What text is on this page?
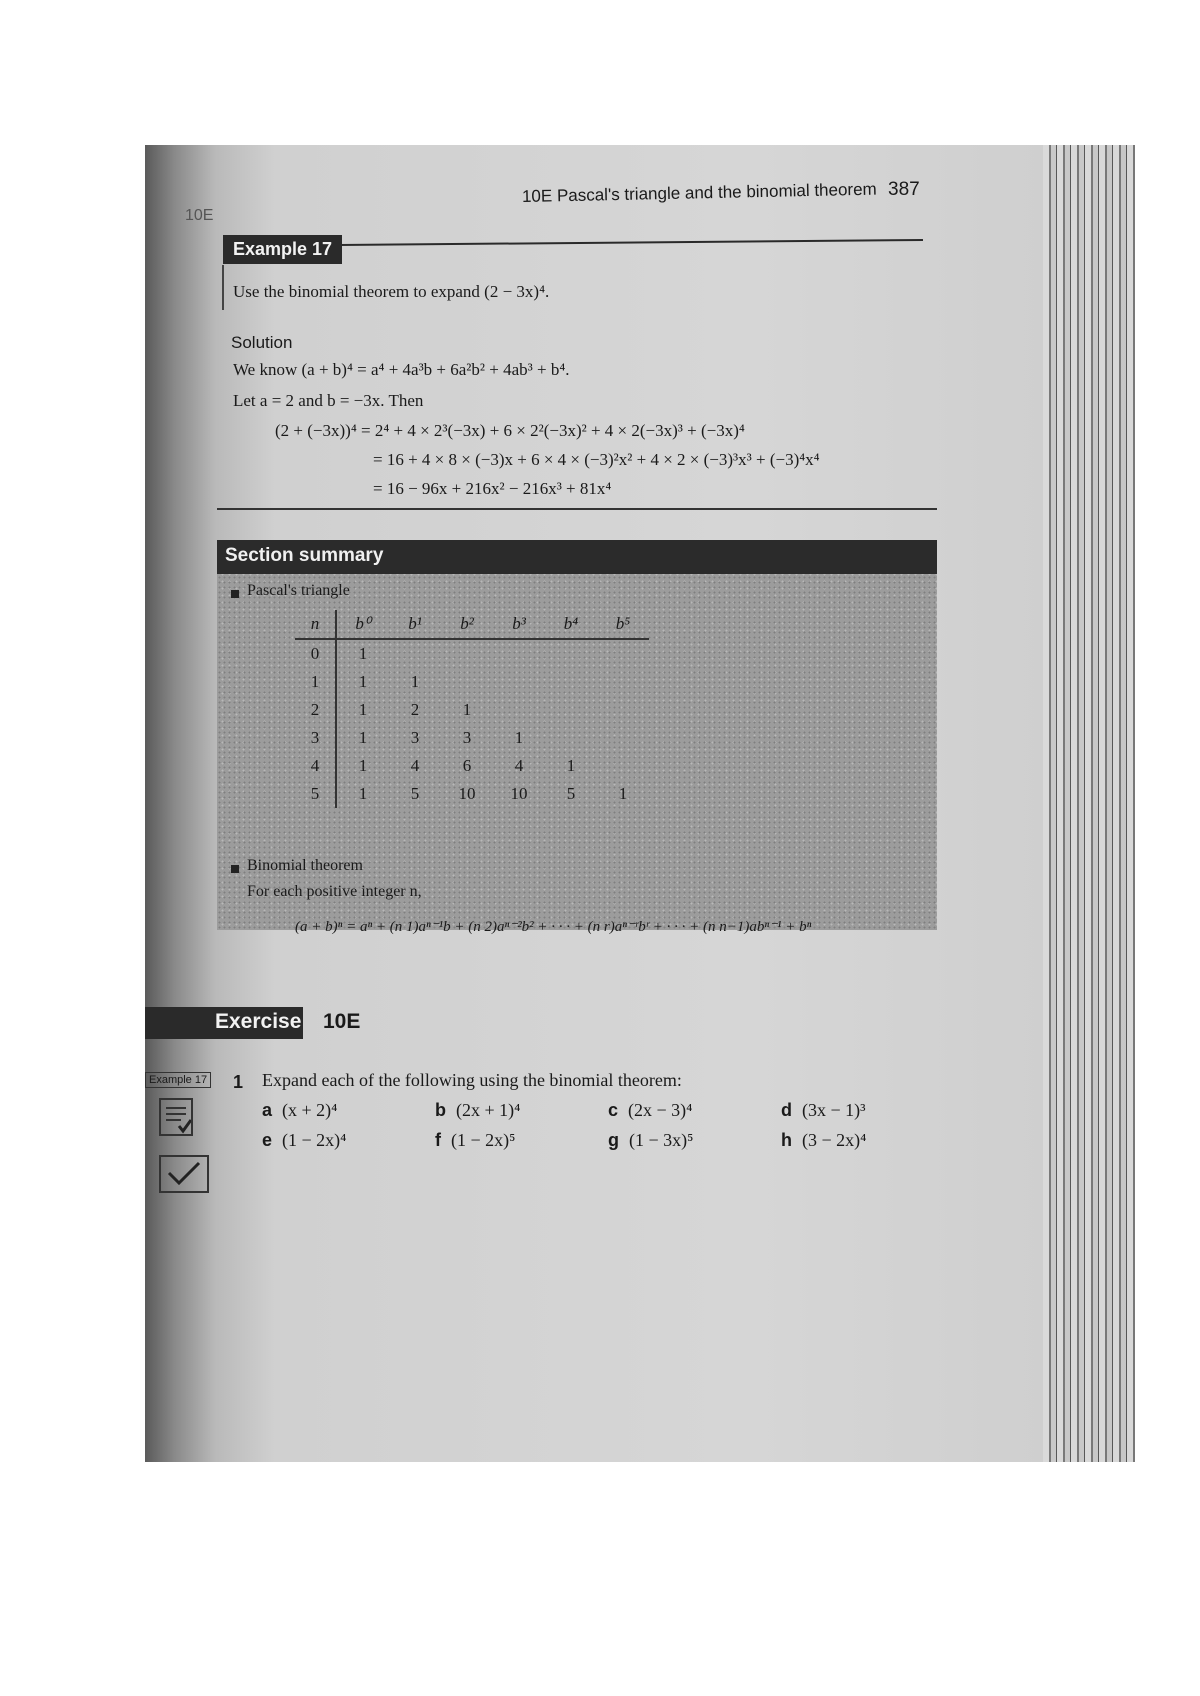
10E
10E Pascal's triangle and the binomial theorem 387
Example 17
Use the binomial theorem to expand (2 − 3x)⁴.
Solution
We know (a + b)⁴ = a⁴ + 4a³b + 6a²b² + 4ab³ + b⁴.
Let a = 2 and b = −3x. Then
(2 + (−3x))⁴ = 2⁴ + 4 × 2³(−3x) + 6 × 2²(−3x)² + 4 × 2(−3x)³ + (−3x)⁴
= 16 + 4 × 8 × (−3)x + 6 × 4 × (−3)²x² + 4 × 2 × (−3)³x³ + (−3)⁴x⁴
= 16 − 96x + 216x² − 216x³ + 81x⁴
Section summary
Pascal's triangle
n	b⁰	b¹	b²	b³	b⁴	b⁵
0	1					
1	1	1				
2	1	2	1			
3	1	3	3	1		
4	1	4	6	4	1	
5	1	5	10	10	5	1
Binomial theorem
For each positive integer n,
(a + b)ⁿ = aⁿ + (n 1)aⁿ⁻¹b + (n 2)aⁿ⁻²b² + · · · + (n r)aⁿ⁻ʳbʳ + · · · + (n n−1)abⁿ⁻¹ + bⁿ
Exercise 10E
Example 17 1 Expand each of the following using the binomial theorem:
a (x + 2)⁴	b (2x + 1)⁴	c (2x − 3)⁴	d (3x − 1)³
e (1 − 2x)⁴	f (1 − 2x)⁵	g (1 − 3x)⁵	h (3 − 2x)⁴
